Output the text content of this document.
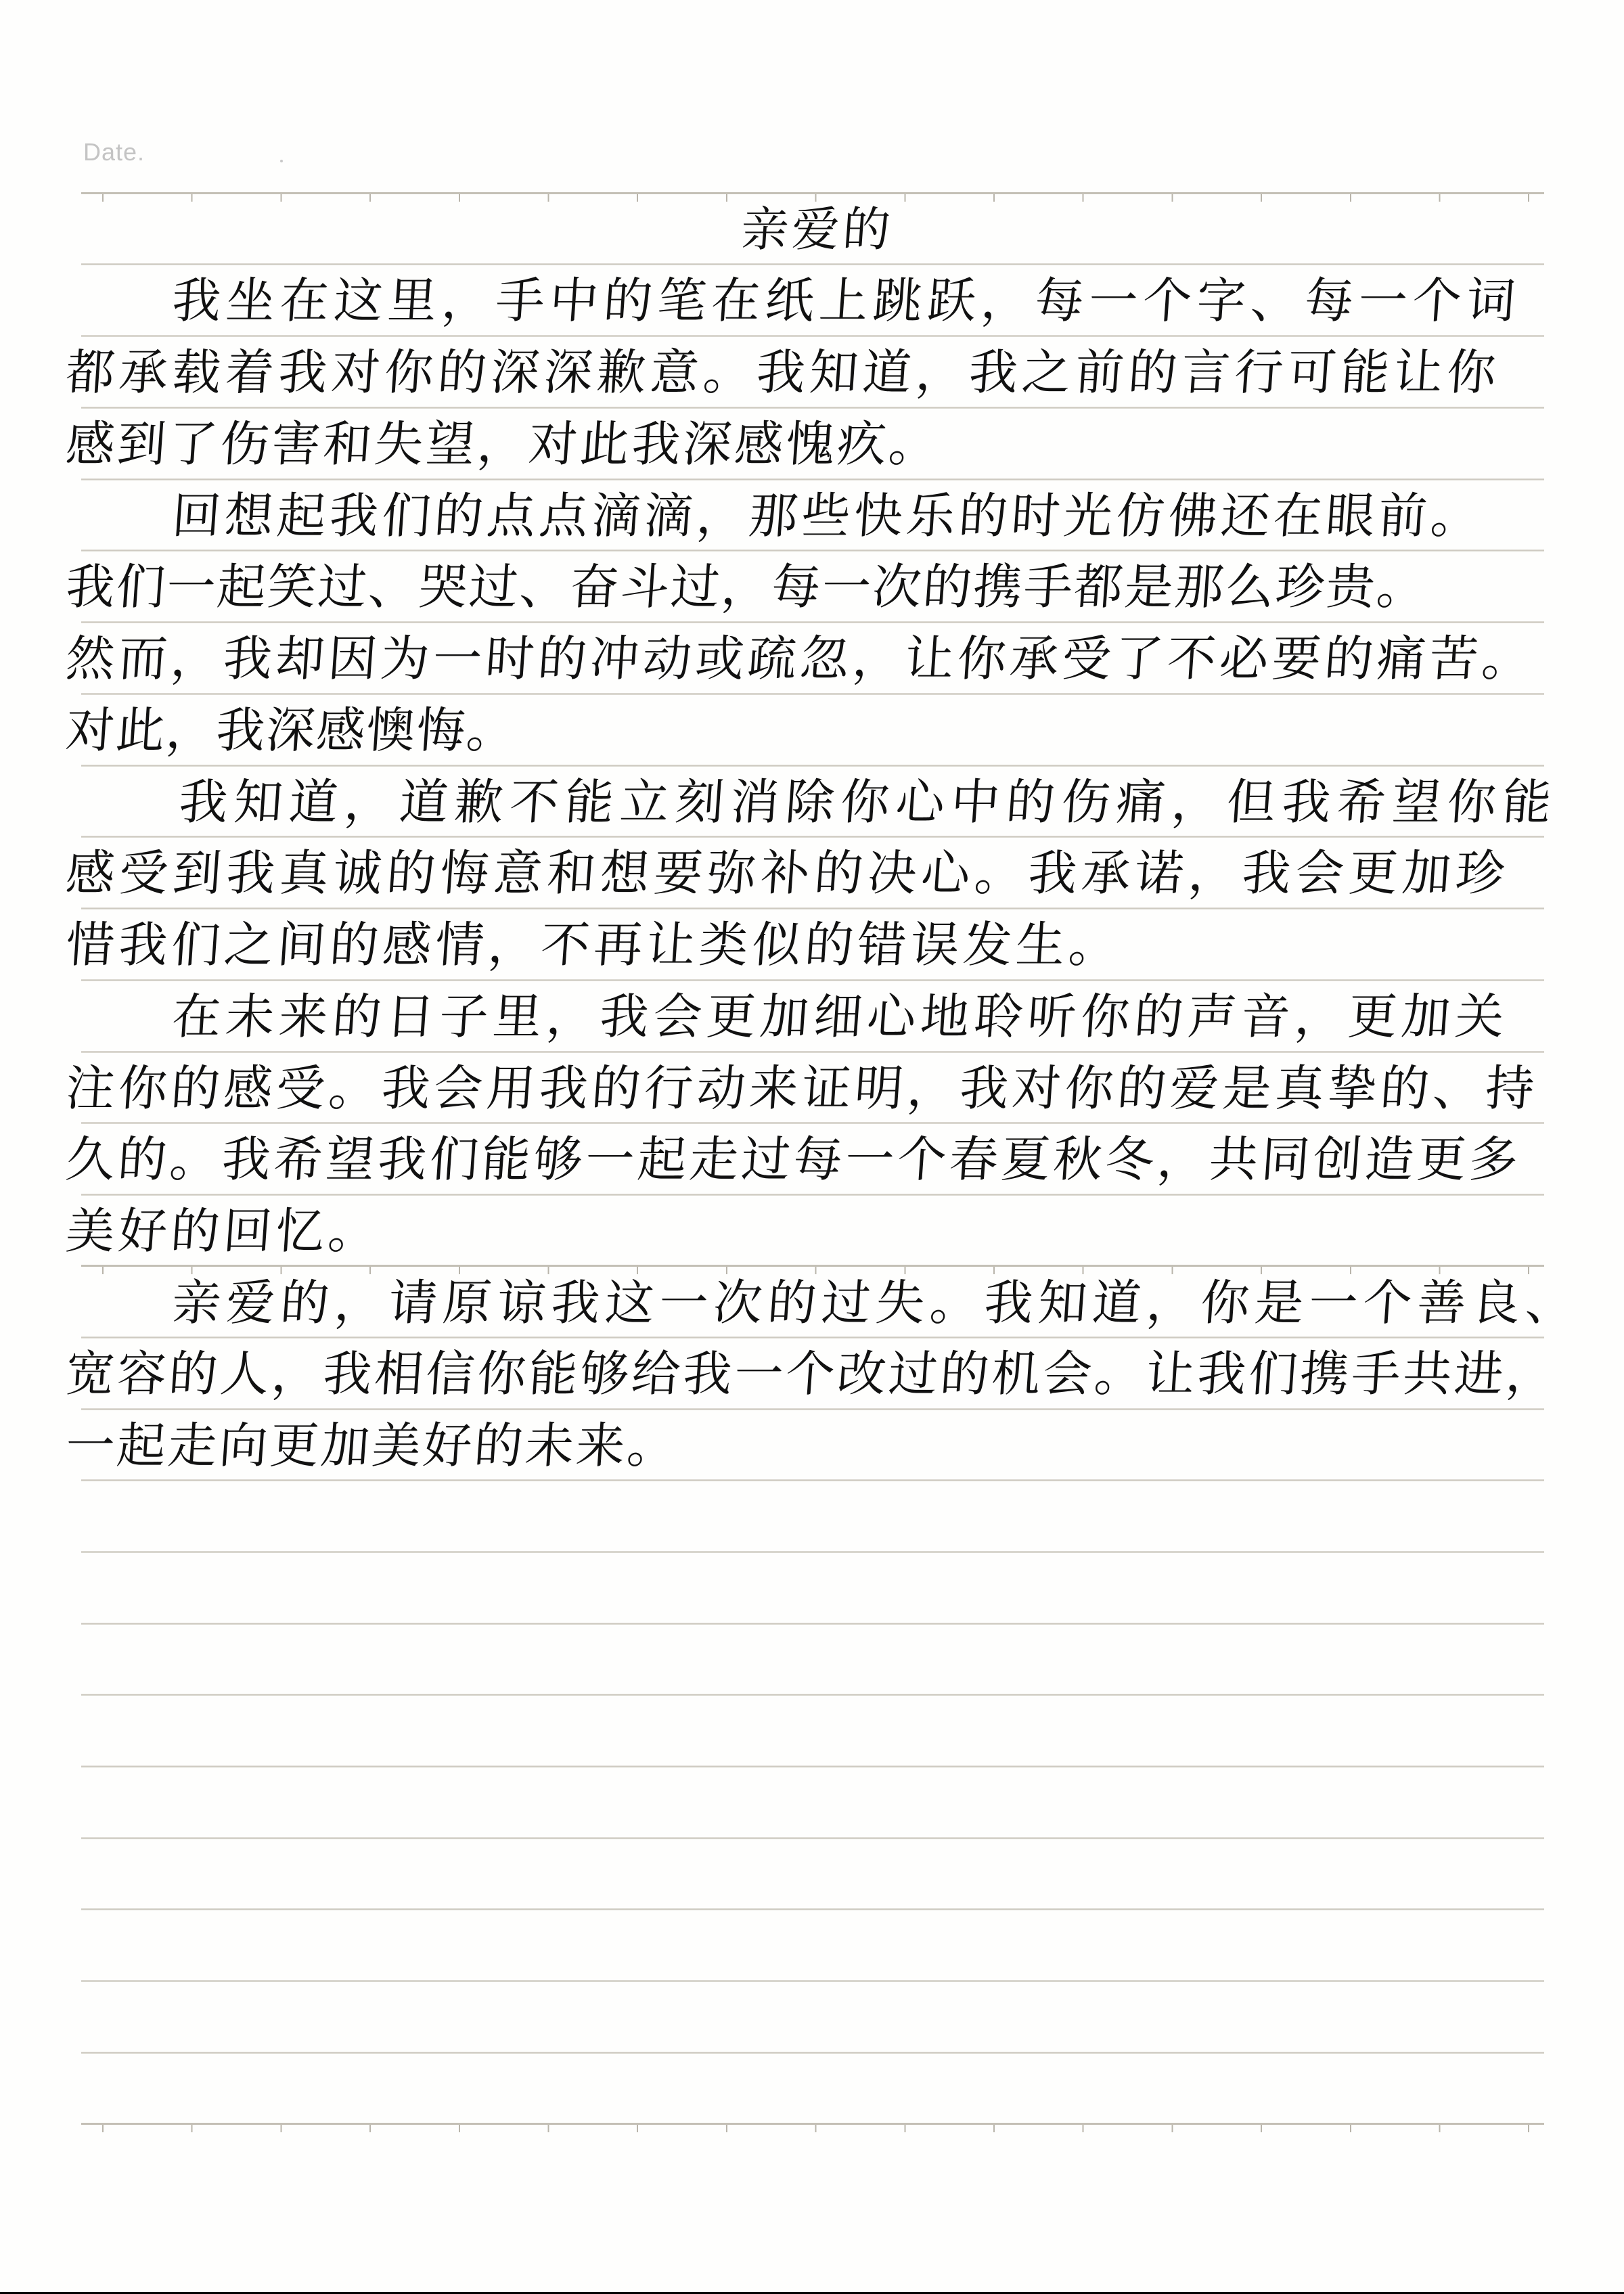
Date.
亲爱的
我坐在这里，手中的笔在纸上跳跃，每一个字、每一个词
都承载着我对你的深深歉意。我知道，我之前的言行可能让你
感到了伤害和失望，对此我深感愧疚。
回想起我们的点点滴滴，那些快乐的时光仿佛还在眼前。
我们一起笑过、哭过、奋斗过，每一次的携手都是那么珍贵。
然而，我却因为一时的冲动或疏忽，让你承受了不必要的痛苦。
对此，我深感懊悔。
我知道，道歉不能立刻消除你心中的伤痛，但我希望你能
感受到我真诚的悔意和想要弥补的决心。我承诺，我会更加珍
惜我们之间的感情，不再让类似的错误发生。
在未来的日子里，我会更加细心地聆听你的声音，更加关
注你的感受。我会用我的行动来证明，我对你的爱是真挚的、持
久的。我希望我们能够一起走过每一个春夏秋冬，共同创造更多
美好的回忆。
亲爱的，请原谅我这一次的过失。我知道，你是一个善良、
宽容的人，我相信你能够给我一个改过的机会。让我们携手共进，
一起走向更加美好的未来。
